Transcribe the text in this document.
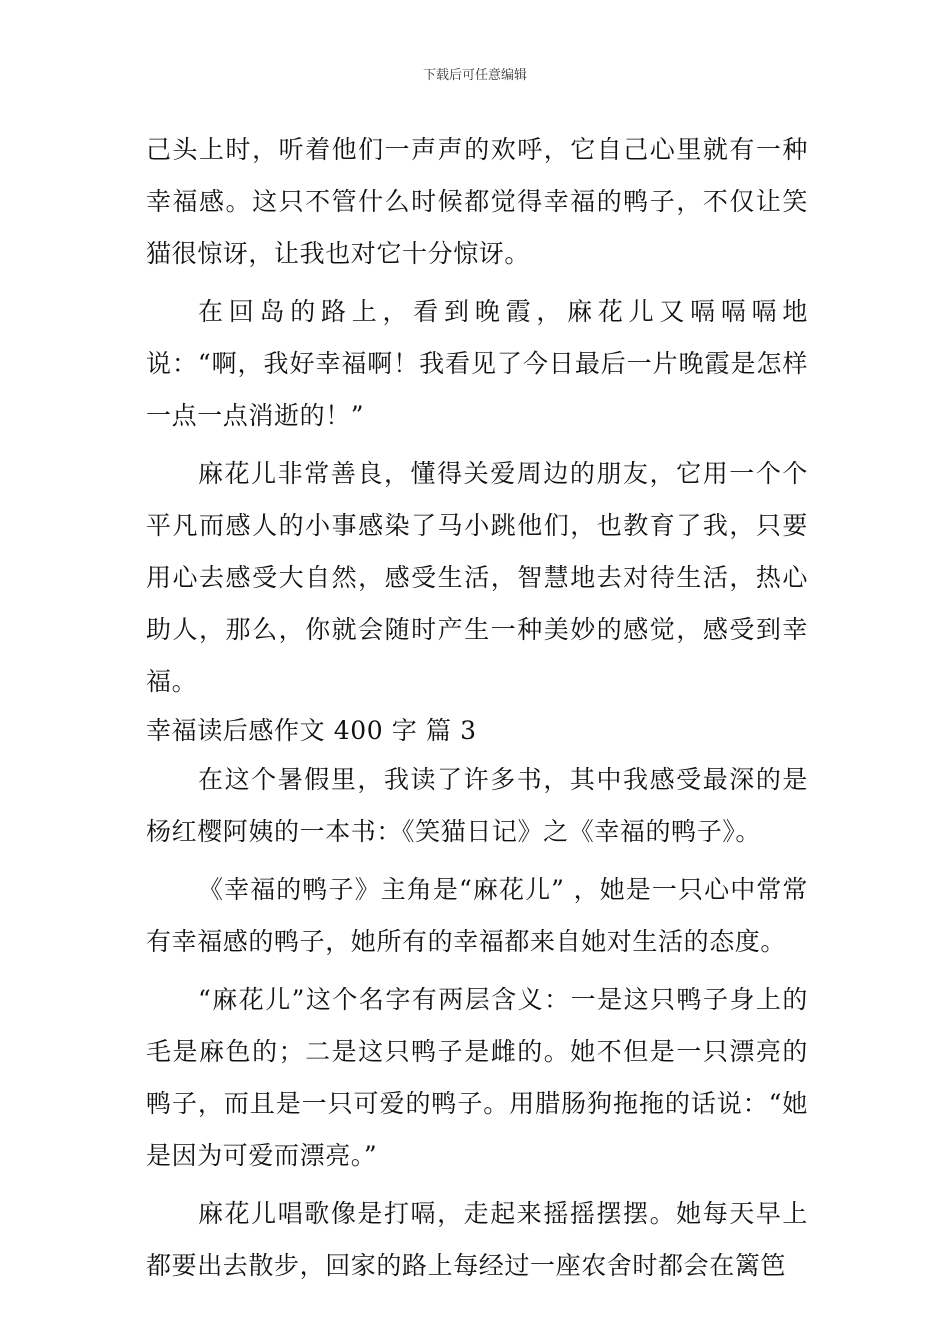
下载后可任意编辑

己头上时，听着他们一声声的欢呼，它自己心里就有一种幸福感。这只不管什么时候都觉得幸福的鸭子，不仅让笑猫很惊讶，让我也对它十分惊讶。

在回岛的路上，看到晚霞，麻花儿又嗝嗝嗝地说：“啊，我好幸福啊！我看见了今日最后一片晚霞是怎样一点一点消逝的！”

麻花儿非常善良，懂得关爱周边的朋友，它用一个个平凡而感人的小事感染了马小跳他们，也教育了我，只要用心去感受大自然，感受生活，智慧地去对待生活，热心助人，那么，你就会随时产生一种美妙的感觉，感受到幸福。

幸福读后感作文 400 字 篇 3

在这个暑假里，我读了许多书，其中我感受最深的是杨红樱阿姨的一本书：《笑猫日记》之《幸福的鸭子》。

《幸福的鸭子》主角是“麻花儿” ，她是一只心中常常有幸福感的鸭子，她所有的幸福都来自她对生活的态度。

“麻花儿”这个名字有两层含义：一是这只鸭子身上的毛是麻色的；二是这只鸭子是雌的。她不但是一只漂亮的鸭子，而且是一只可爱的鸭子。用腊肠狗拖拖的话说：“她是因为可爱而漂亮。”

麻花儿唱歌像是打嗝，走起来摇摇摆摆。她每天早上都要出去散步，回家的路上每经过一座农舍时都会在篱笆
